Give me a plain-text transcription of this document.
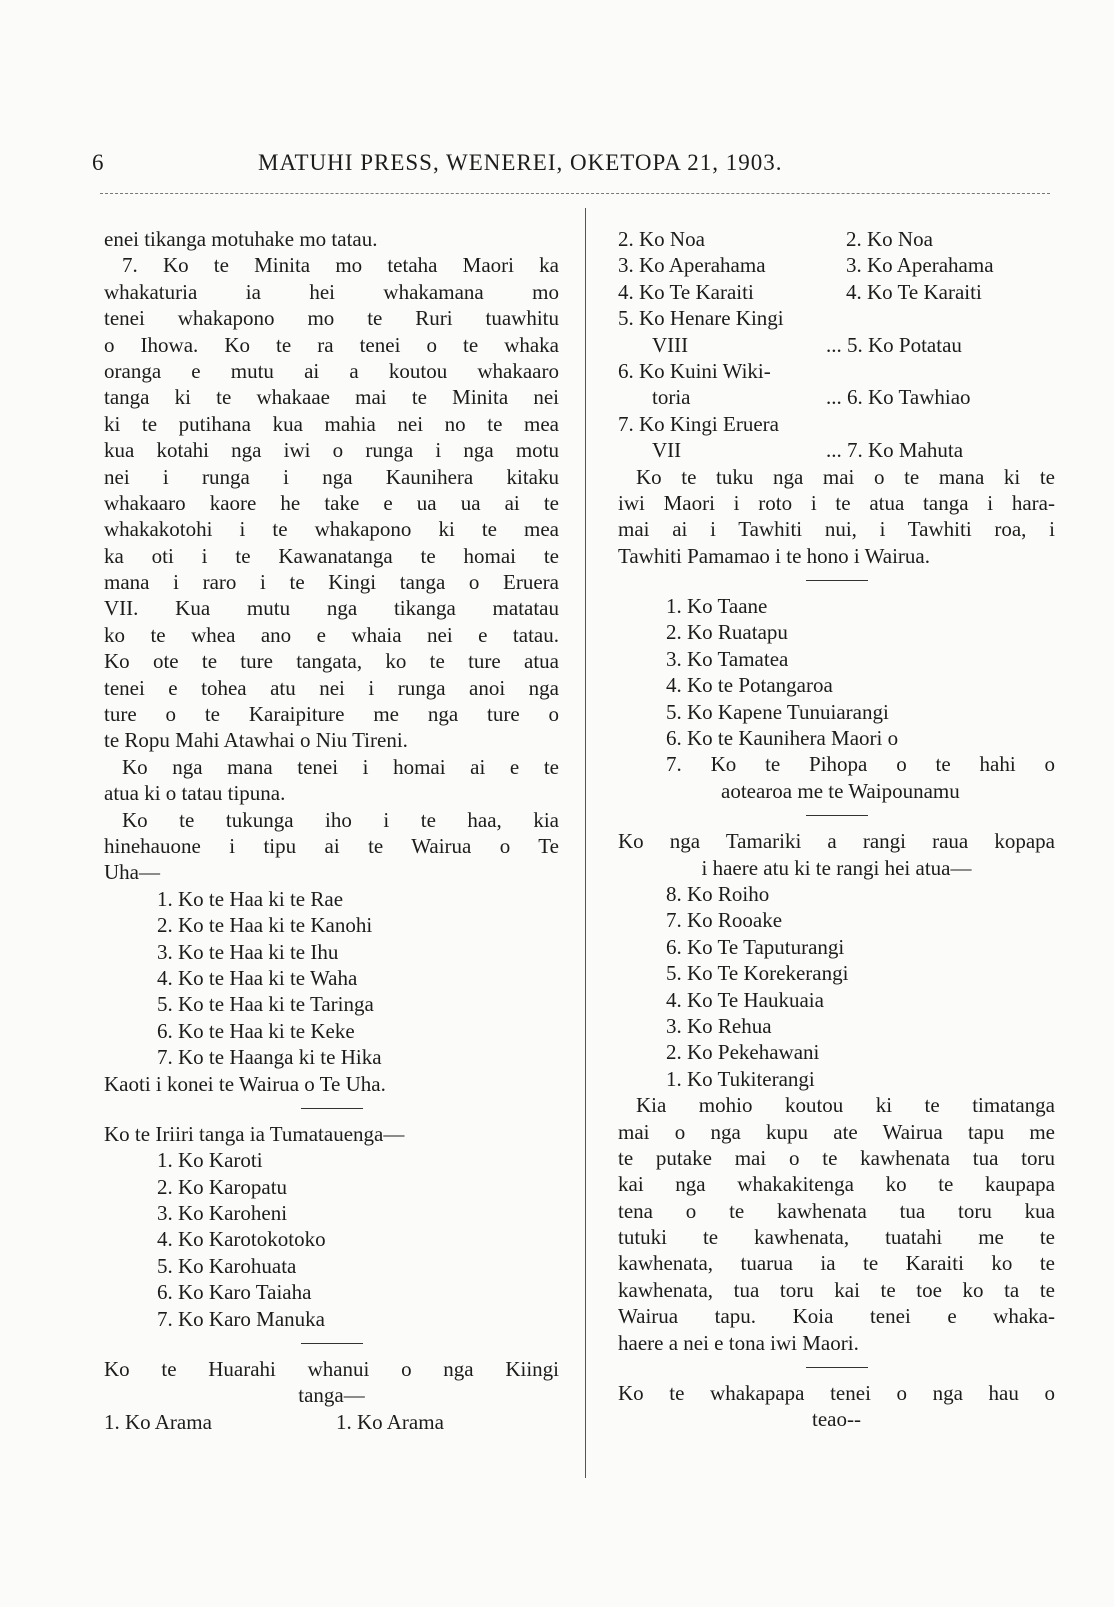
6	MATUHI PRESS, WENEREI, OKETOPA 21, 1903.
enei tikanga motuhake mo tatau.
7. Ko te Minita mo tetaha Maori ka
whakaturia ia hei whakamana mo
tenei whakapono mo te Ruri tuawhitu
o Ihowa. Ko te ra tenei o te whaka
oranga e mutu ai a koutou whakaaro
tanga ki te whakaae mai te Minita nei
ki te putihana kua mahia nei no te mea
kua kotahi nga iwi o runga i nga motu
nei i runga i nga Kaunihera kitaku
whakaaro kaore he take e ua ua ai te
whakakotohi i te whakapono ki te mea
ka oti i te Kawanatanga te homai te
mana i raro i te Kingi tanga o Eruera
VII. Kua mutu nga tikanga matatau
ko te whea ano e whaia nei e tatau.
Ko ote te ture tangata, ko te ture atua
tenei e tohea atu nei i runga anoi nga
ture o te Karaipiture me nga ture o
te Ropu Mahi Atawhai o Niu Tireni.
Ko nga mana tenei i homai ai e te
atua ki o tatau tipuna.
Ko te tukunga iho i te haa, kia
hinehauone i tipu ai te Wairua o Te
Uha—
1. Ko te Haa ki te Rae
2. Ko te Haa ki te Kanohi
3. Ko te Haa ki te Ihu
4. Ko te Haa ki te Waha
5. Ko te Haa ki te Taringa
6. Ko te Haa ki te Keke
7. Ko te Haanga ki te Hika
Kaoti i konei te Wairua o Te Uha.
Ko te Iriiri tanga ia Tumatauenga—
1. Ko Karoti
2. Ko Karopatu
3. Ko Karoheni
4. Ko Karotokotoko
5. Ko Karohuata
6. Ko Karo Taiaha
7. Ko Karo Manuka
Ko te Huarahi whanui o nga Kiingi
tanga—
1. Ko Arama	1. Ko Arama
2. Ko Noa	2. Ko Noa
3. Ko Aperahama	3. Ko Aperahama
4. Ko Te Karaiti	4. Ko Te Karaiti
5. Ko Henare Kingi
VIII	... 5. Ko Potatau
6. Ko Kuini Wiki-
toria	... 6. Ko Tawhiao
7. Ko Kingi Eruera
VII	... 7. Ko Mahuta
Ko te tuku nga mai o te mana ki te
iwi Maori i roto i te atua tanga i hara-
mai ai i Tawhiti nui, i Tawhiti roa, i
Tawhiti Pamamao i te hono i Wairua.
1. Ko Taane
2. Ko Ruatapu
3. Ko Tamatea
4. Ko te Potangaroa
5. Ko Kapene Tunuiarangi
6. Ko te Kaunihera Maori o
7. Ko te Pihopa o te hahi o
aotearoa me te Waipounamu
Ko nga Tamariki a rangi raua kopapa
i haere atu ki te rangi hei atua—
8. Ko Roiho
7. Ko Rooake
6. Ko Te Taputurangi
5. Ko Te Korekerangi
4. Ko Te Haukuaia
3. Ko Rehua
2. Ko Pekehawani
1. Ko Tukiterangi
Kia mohio koutou ki te timatanga
mai o nga kupu ate Wairua tapu me
te putake mai o te kawhenata tua toru
kai nga whakakitenga ko te kaupapa
tena o te kawhenata tua toru kua
tutuki te kawhenata, tuatahi me te
kawhenata, tuarua ia te Karaiti ko te
kawhenata, tua toru kai te toe ko ta te
Wairua tapu. Koia tenei e whaka-
haere a nei e tona iwi Maori.
Ko te whakapapa tenei o nga hau o
teao--
